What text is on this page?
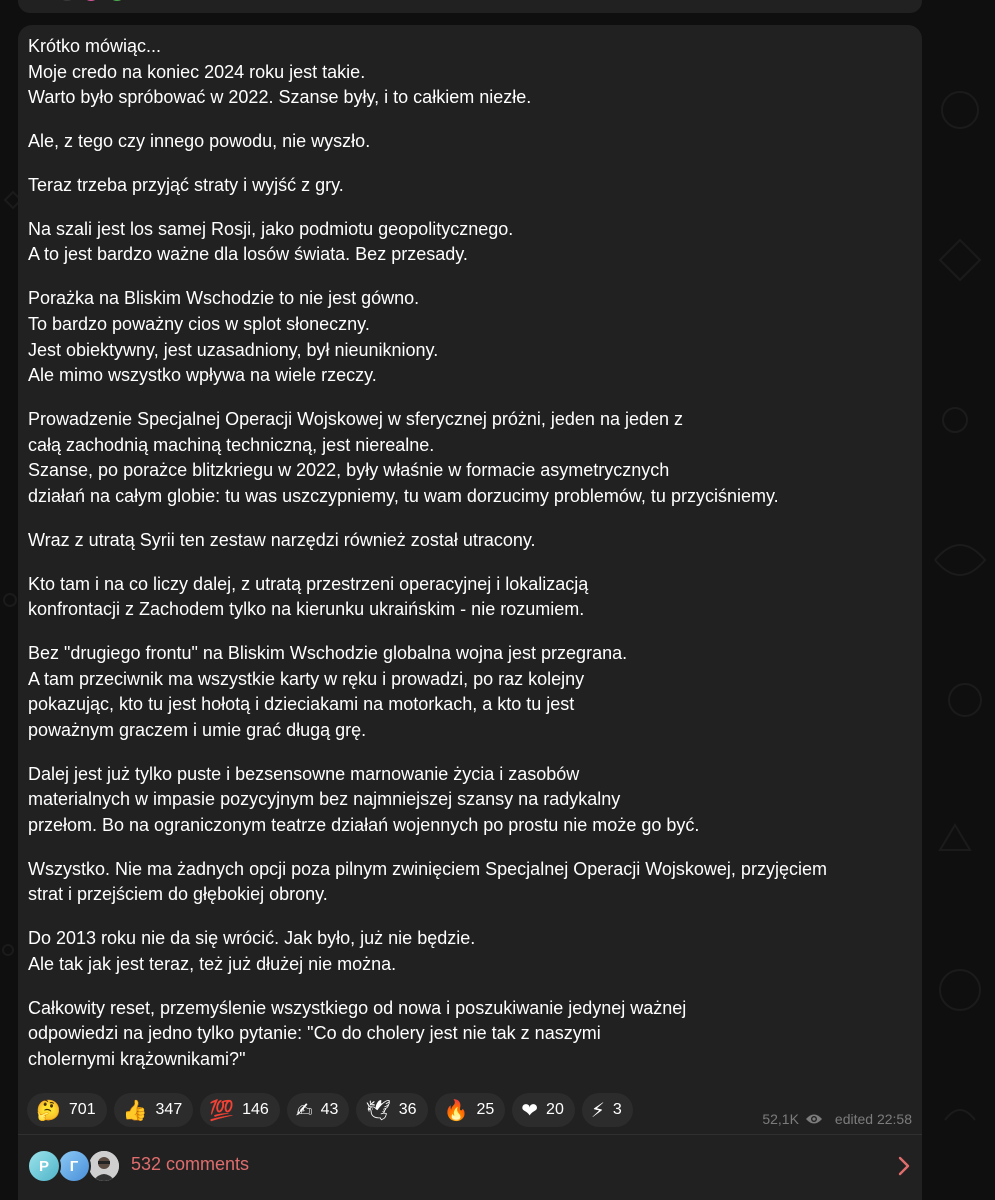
Krótko mówiąc...
Moje credo na koniec 2024 roku jest takie.
Warto było spróbować w 2022. Szanse były, i to całkiem niezłe.

Ale, z tego czy innego powodu, nie wyszło.

Teraz trzeba przyjąć straty i wyjść z gry.

Na szali jest los samej Rosji, jako podmiotu geopolitycznego.
A to jest bardzo ważne dla losów świata. Bez przesady.

Porażka na Bliskim Wschodzie to nie jest gówno.
To bardzo poważny cios w splot słoneczny.
Jest obiektywny, jest uzasadniony, był nieunikniony.
Ale mimo wszystko wpływa na wiele rzeczy.

Prowadzenie Specjalnej Operacji Wojskowej w sferycznej próżni, jeden na jeden z
całą zachodnią machiną techniczną, jest nierealne.
Szanse, po porażce blitzkriegu w 2022, były właśnie w formacie asymetrycznych
działań na całym globie: tu was uszczypniemy, tu wam dorzucimy problemów, tu przyciśniemy.

Wraz z utratą Syrii ten zestaw narzędzi również został utracony.

Kto tam i na co liczy dalej, z utratą przestrzeni operacyjnej i lokalizacją
konfrontacji z Zachodem tylko na kierunku ukraińskim - nie rozumiem.

Bez "drugiego frontu" na Bliskim Wschodzie globalna wojna jest przegrana.
A tam przeciwnik ma wszystkie karty w ręku i prowadzi, po raz kolejny
pokazując, kto tu jest hołotą i dzieciakami na motorkach, a kto tu jest
poważnym graczem i umie grać długą grę.

Dalej jest już tylko puste i bezsensowne marnowanie życia i zasobów
materialnych w impasie pozycyjnym bez najmniejszej szansy na radykalny
przełom. Bo na ograniczonym teatrze działań wojennych po prostu nie może go być.

Wszystko. Nie ma żadnych opcji poza pilnym zwinięciem Specjalnej Operacji Wojskowej, przyjęciem
strat i przejściem do głębokiej obrony.

Do 2013 roku nie da się wrócić. Jak było, już nie będzie.
Ale tak jak jest teraz, też już dłużej nie można.

Całkowity reset, przemyślenie wszystkiego od nowa i poszukiwanie jedynej ważnej
odpowiedzi na jedno tylko pytanie: "Co do cholery jest nie tak z naszymi
cholernymi krążownikami?"

🤔 701 👍 347 💯 146 ✍ 43 🕊 36 🔥 25 ❤ 20 ⚡ 3
52,1K	edited 22:58
Р	Г	532 comments
